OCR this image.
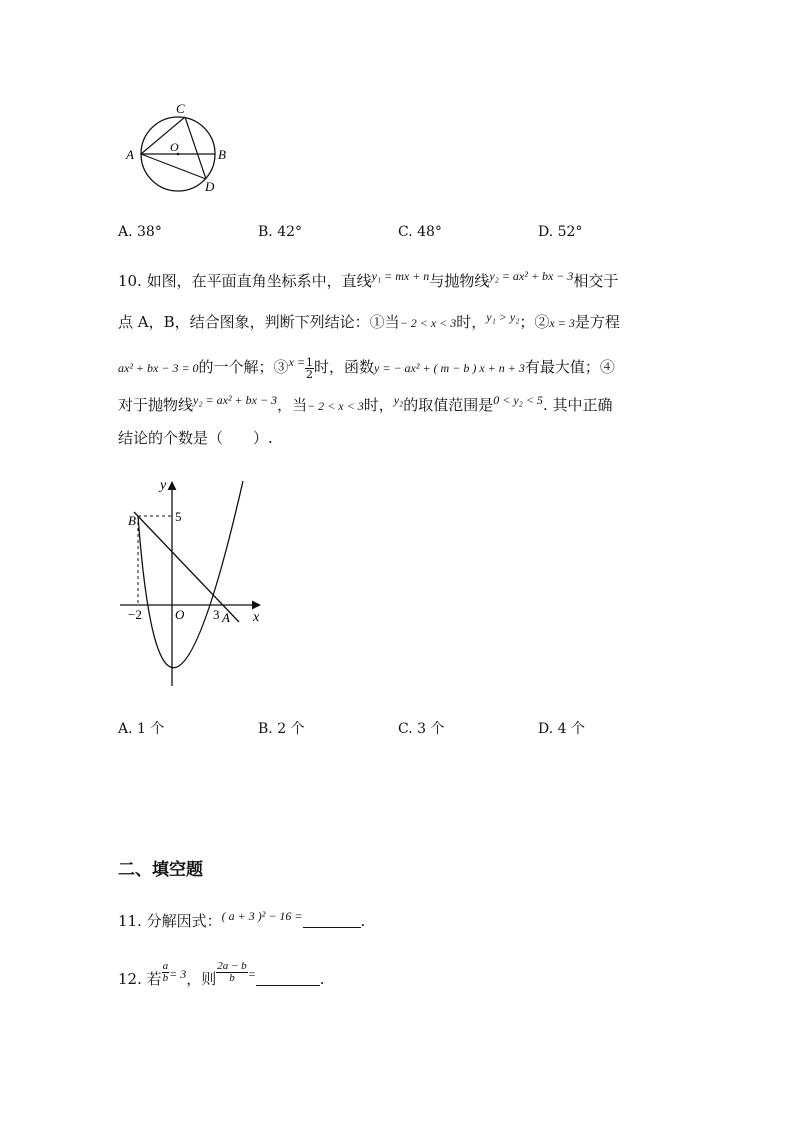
A	B
C
D
O
A. 38°	B. 42°	C. 48°	D. 52°
10. 如图，在平面直角坐标系中，直线$^{y_1 = mx + n}$与抛物线$^{y_2 = ax^2 + bx - 3}$相交于
点 A，B，结合图象，判断下列结论：①当− 2 < x < 3时，$^{y_1 > y_2}$；②x = 3是方程
ax² + bx − 3 = 0的一个解；③$^{x =}$ $\frac{1}{2}$ 时，函数y = − ax² + ( m − b ) x + n + 3有最大值；④
对于抛物线$^{y_2 = ax^2 + bx - 3}$，当− 2 < x < 3时，$^{y_2}$的取值范围是$^{0 < y_2 < 5}$. 其中正确
结论的个数是（　　）.
y
x
5
B
O
−2	3 A
A. 1 个	B. 2 个	C. 3 个	D. 4 个
二、填空题
11. 分解因式：$^{( a + 3 )^2 - 16 =}$	.
12. 若 $\frac{a}{b} ^{= 3}$，则 $\frac{2a - b}{b} ^=$	.
